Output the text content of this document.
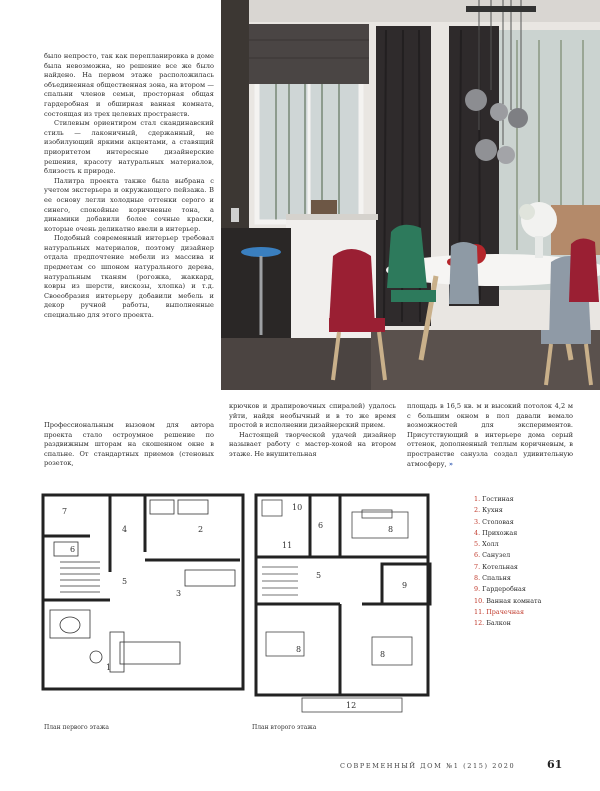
было непросто, так как перепланировка в доме была невозможна, но решение все же было найдено. На первом этаже расположилась объединенная общественная зона, на втором — спальни членов семьи, просторная общая гардеробная и обширная ванная комната, состоящая из трех целевых пространств.

Стилевым ориентиром стал скандинавский стиль — лаконичный, сдержанный, не изобилующий яркими акцентами, а ставящий приоритетом интересные дизайнерские решения, красоту натуральных материалов, близость к природе.

Палитра проекта также была выбрана с учетом экстерьера и окружающего пейзажа. В ее основу легли холодные оттенки серого и синего, спокойные коричневые тона, а динамики добавили более сочные краски, которые очень деликатно ввели в интерьер.

Подобный современный интерьер требовал натуральных материалов, поэтому дизайнер отдала предпочтение мебели из массива и предметам со шпоном натурального дерева, натуральным тканям (рогожка, жаккард, ковры из шерсти, вискозы, хлопка) и т.д. Своеобразия интерьеру добавили мебель и декор ручной работы, выполненные специально для этого проекта.

Профессиональным вызовом для автора проекта стало остроумное решение по раздвижным шторам на скошенном окне в спальне. От стандартных приемов (стеновых розеток,

крючков и драпировочных спиралей) удалось уйти, найдя необычный и в то же время простой в исполнении дизайнерский прием.

Настоящей творческой удачей дизайнер называет работу с мастер-хоной на втором этаже. Не внушительная

площадь в 16,5 кв. м и высокий потолок 4,2 м с большим окном в пол давали вемало возможностей для экспериментов. Присутствующий в интерьере дома серый оттенок, дополненный теплым коричневым, в пространстве санузла создал удивительную атмосферу, »

1
2
3
4
5
6
7	10
6
11
8
5
9
8
8
12
1. Гостиная
2. Кухня
3. Столовая
4. Прихожая
5. Холл
6. Санузел
7. Котельная
8. Спальня
9. Гардеробная
10. Ванная комната
11. Прачечная
12. Балкон
План первого этажа	План второго этажа
СОВРЕМЕННЫЙ ДОМ №1 (215) 2020	61
